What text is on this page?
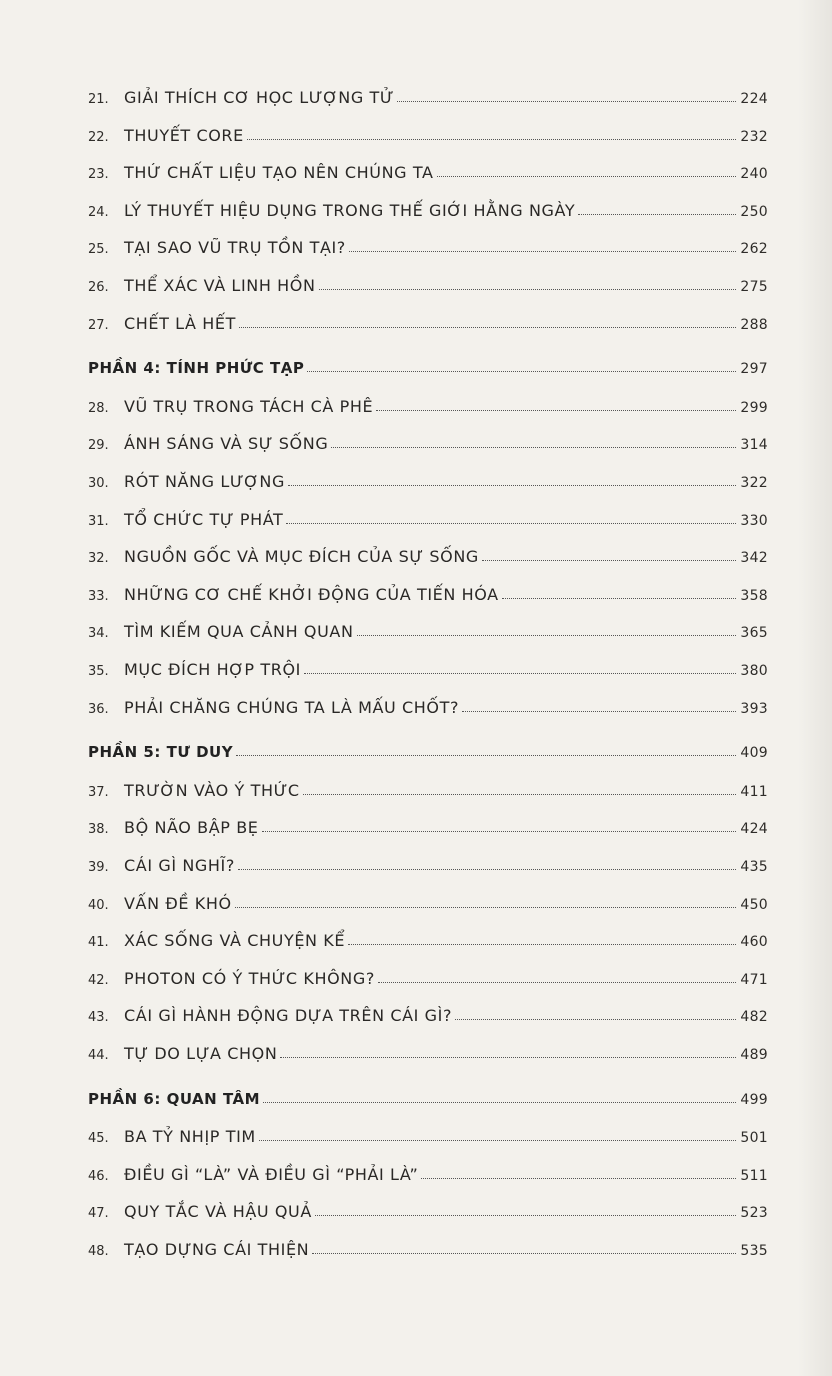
21. GIẢI THÍCH CƠ HỌC LƯỢNG TỬ	224
22. THUYẾT CORE	232
23. THỨ CHẤT LIỆU TẠO NÊN CHÚNG TA	240
24. LÝ THUYẾT HIỆU DỤNG TRONG THẾ GIỚI HẰNG NGÀY	250
25. TẠI SAO VŨ TRỤ TỒN TẠI?	262
26. THỂ XÁC VÀ LINH HỒN	275
27. CHẾT LÀ HẾT	288
PHẦN 4: TÍNH PHỨC TẠP	297
28. VŨ TRỤ TRONG TÁCH CÀ PHÊ	299
29. ÁNH SÁNG VÀ SỰ SỐNG	314
30. RÓT NĂNG LƯỢNG	322
31. TỔ CHỨC TỰ PHÁT	330
32. NGUỒN GỐC VÀ MỤC ĐÍCH CỦA SỰ SỐNG	342
33. NHỮNG CƠ CHẾ KHỞI ĐỘNG CỦA TIẾN HÓA	358
34. TÌM KIẾM QUA CẢNH QUAN	365
35. MỤC ĐÍCH HỢP TRỘI	380
36. PHẢI CHĂNG CHÚNG TA LÀ MẤU CHỐT?	393
PHẦN 5: TƯ DUY	409
37. TRƯỜN VÀO Ý THỨC	411
38. BỘ NÃO BẬP BẸ	424
39. CÁI GÌ NGHĨ?	435
40. VẤN ĐỀ KHÓ	450
41. XÁC SỐNG VÀ CHUYỆN KỂ	460
42. PHOTON CÓ Ý THỨC KHÔNG?	471
43. CÁI GÌ HÀNH ĐỘNG DỰA TRÊN CÁI GÌ?	482
44. TỰ DO LỰA CHỌN	489
PHẦN 6: QUAN TÂM	499
45. BA TỶ NHỊP TIM	501
46. ĐIỀU GÌ “LÀ” VÀ ĐIỀU GÌ “PHẢI LÀ”	511
47. QUY TẮC VÀ HẬU QUẢ	523
48. TẠO DỰNG CÁI THIỆN	535
